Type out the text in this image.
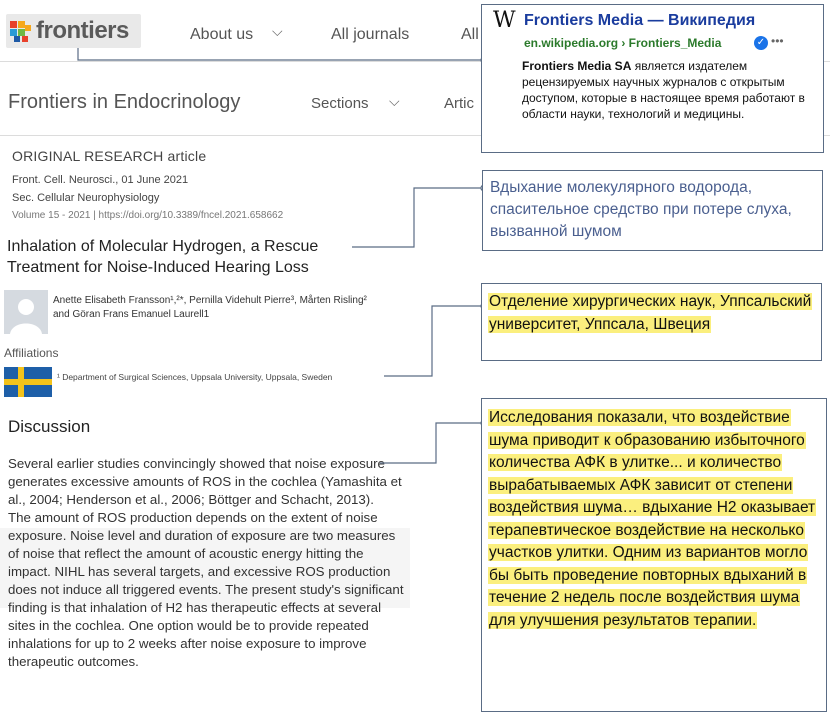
frontiers	About us ⌵	All journals	All
Frontiers in Endocrinology	Sections ⌵	Artic
ORIGINAL RESEARCH article
Front. Cell. Neurosci., 01 June 2021
Sec. Cellular Neurophysiology
Volume 15 - 2021 | https://doi.org/10.3389/fncel.2021.658662
Inhalation of Molecular Hydrogen, a Rescue Treatment for Noise-Induced Hearing Loss
Anette Elisabeth Fransson¹,²*, Pernilla Videhult Pierre³, Mårten Risling² and Göran Frans Emanuel Laurell1
Affiliations
¹ Department of Surgical Sciences, Uppsala University, Uppsala, Sweden
Discussion
Several earlier studies convincingly showed that noise exposure generates excessive amounts of ROS in the cochlea (Yamashita et al., 2004; Henderson et al., 2006; Böttger and Schacht, 2013).
The amount of ROS production depends on the extent of noise exposure. Noise level and duration of exposure are two measures of noise that reflect the amount of acoustic energy hitting the impact. NIHL has several targets, and excessive ROS production does not induce all triggered events. The present study's significant finding is that inhalation of H2 has therapeutic effects at several sites in the cochlea. One option would be to provide repeated inhalations for up to 2 weeks after noise exposure to improve therapeutic outcomes.
W Frontiers Media — Википедия
en.wikipedia.org › Frontiers_Media	✓ •••
Frontiers Media SA является издателем рецензируемых научных журналов с открытым доступом, которые в настоящее время работают в области науки, технологий и медицины.
Вдыхание молекулярного водорода, спасительное средство при потере слуха, вызванной шумом
Отделение хирургических наук, Уппсальский университет, Уппсала, Швеция
Исследования показали, что воздействие шума приводит к образованию избыточного количества АФК в улитке... и количество вырабатываемых АФК зависит от степени воздействия шума… вдыхание Н2 оказывает терапевтическое воздействие на несколько участков улитки. Одним из вариантов могло бы быть проведение повторных вдыханий в течение 2 недель после воздействия шума для улучшения результатов терапии.
